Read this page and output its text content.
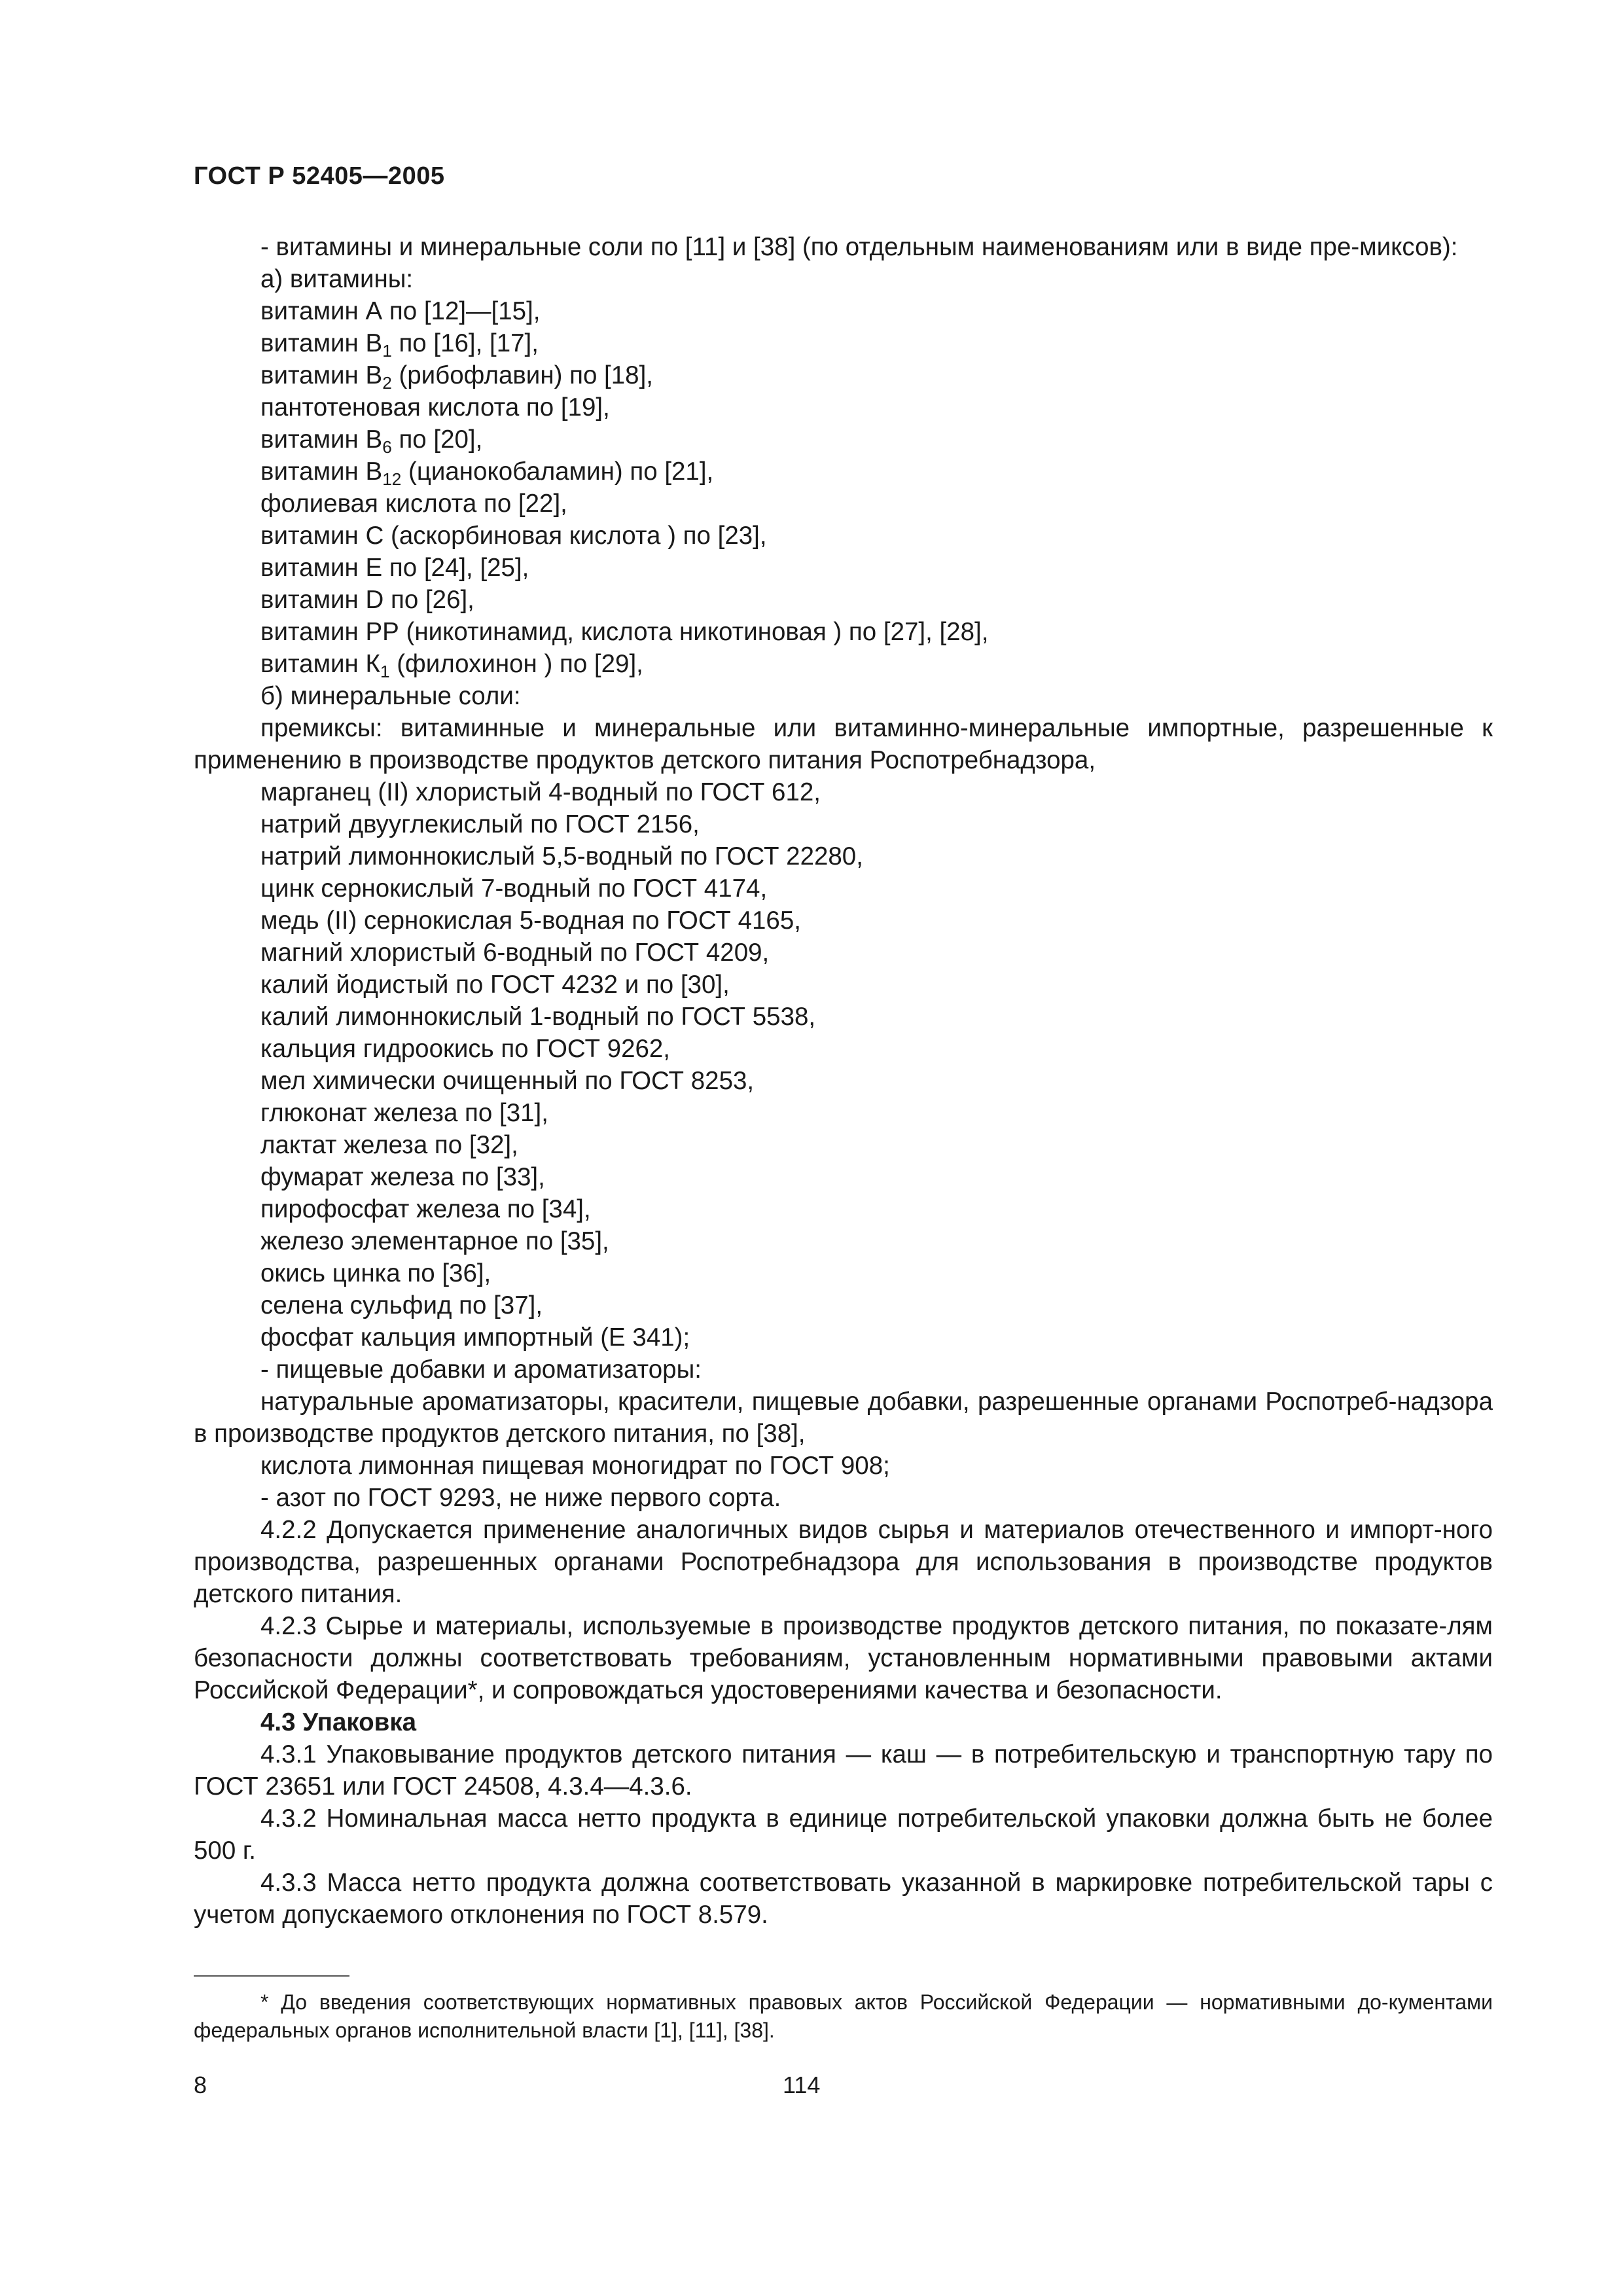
ГОСТ Р 52405—2005

- витамины и минеральные соли по [11] и [38] (по отдельным наименованиям или в виде пре-миксов):

а) витамины:

витамин А по [12]—[15],

витамин $В_1$ по [16], [17],

витамин $В_2$ (рибофлавин) по [18],

пантотеновая кислота по [19],

витамин $В_6$ по [20],

витамин $В_{12}$ (цианокобаламин) по [21],

фолиевая кислота по [22],

витамин С (аскорбиновая кислота ) по [23],

витамин Е по [24], [25],

витамин D по [26],

витамин РР (никотинамид, кислота никотиновая ) по [27], [28],

витамин $К_1$ (филохинон ) по [29],

б) минеральные соли:

премиксы: витаминные и минеральные или витаминно-минеральные импортные, разрешенные к применению в производстве продуктов детского питания Роспотребнадзора,

марганец (II) хлористый 4-водный по ГОСТ 612,

натрий двууглекислый по ГОСТ 2156,

натрий лимоннокислый 5,5-водный по ГОСТ 22280,

цинк сернокислый 7-водный по ГОСТ 4174,

медь (II) сернокислая 5-водная по ГОСТ 4165,

магний хлористый 6-водный по ГОСТ 4209,

калий йодистый по ГОСТ 4232 и по [30],

калий лимоннокислый 1-водный по ГОСТ 5538,

кальция гидроокись по ГОСТ 9262,

мел химически очищенный по ГОСТ 8253,

глюконат железа по [31],

лактат железа по [32],

фумарат железа по [33],

пирофосфат железа по [34],

железо элементарное по [35],

окись цинка по [36],

селена сульфид по [37],

фосфат кальция импортный (Е 341);

- пищевые добавки и ароматизаторы:

натуральные ароматизаторы, красители, пищевые добавки, разрешенные органами Роспотреб-надзора в производстве продуктов детского питания, по [38],

кислота лимонная пищевая моногидрат по ГОСТ 908;

- азот по ГОСТ 9293, не ниже первого сорта.

4.2.2 Допускается применение аналогичных видов сырья и материалов отечественного и импорт-ного производства, разрешенных органами Роспотребнадзора для использования в производстве продуктов детского питания.

4.2.3 Сырье и материалы, используемые в производстве продуктов детского питания, по показате-лям безопасности должны соответствовать требованиям, установленным нормативными правовыми актами Российской Федерации*, и сопровождаться удостоверениями качества и безопасности.

4.3 Упаковка

4.3.1 Упаковывание продуктов детского питания — каш — в потребительскую и транспортную тару по ГОСТ 23651 или ГОСТ 24508, 4.3.4—4.3.6.

4.3.2 Номинальная масса нетто продукта в единице потребительской упаковки должна быть не более 500 г.

4.3.3 Масса нетто продукта должна соответствовать указанной в маркировке потребительской тары с учетом допускаемого отклонения по ГОСТ 8.579.

* До введения соответствующих нормативных правовых актов Российской Федерации — нормативными до-кументами федеральных органов исполнительной власти [1], [11], [38].

8	114
